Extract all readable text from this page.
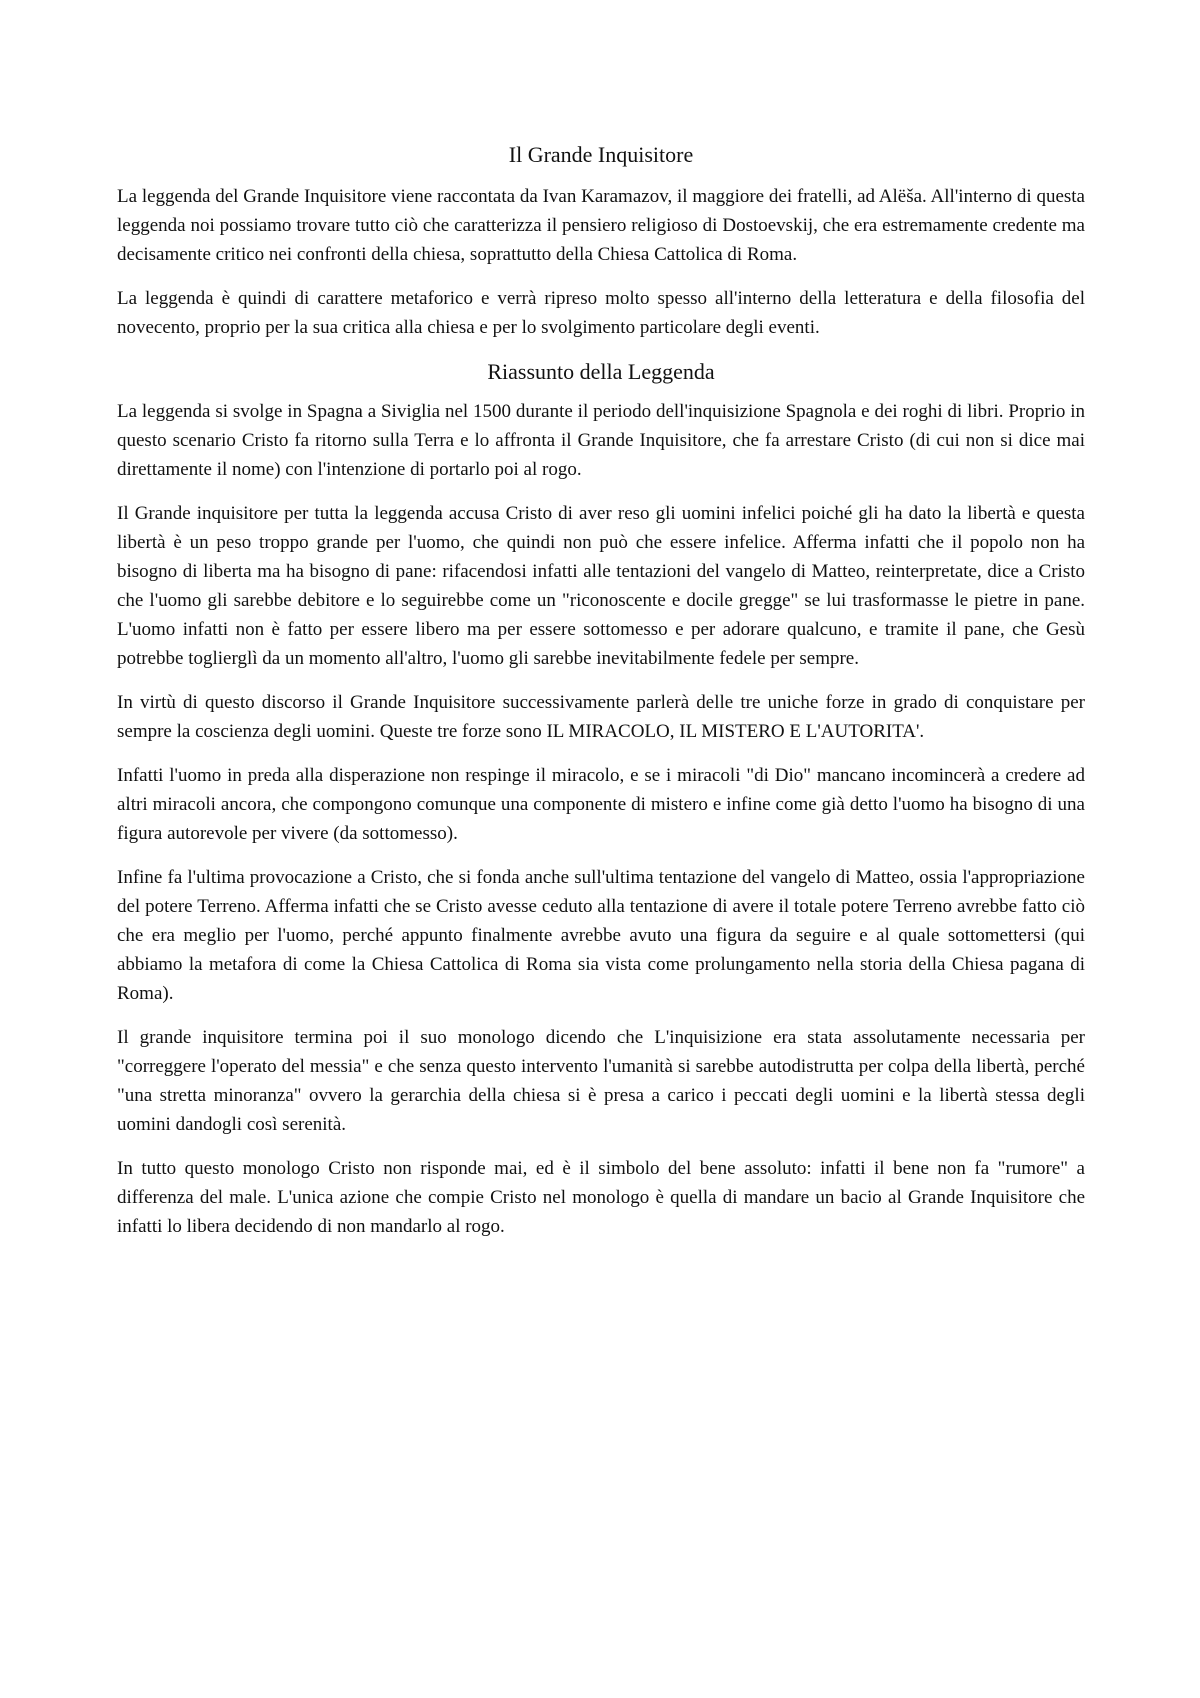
Il Grande Inquisitore

La leggenda del Grande Inquisitore viene raccontata da Ivan Karamazov, il maggiore dei fratelli, ad Alëša. All'interno di questa leggenda noi possiamo trovare tutto ciò che caratterizza il pensiero religioso di Dostoevskij, che era estremamente credente ma decisamente critico nei confronti della chiesa, soprattutto della Chiesa Cattolica di Roma.

La leggenda è quindi di carattere metaforico e verrà ripreso molto spesso all'interno della letteratura e della filosofia del novecento, proprio per la sua critica alla chiesa e per lo svolgimento particolare degli eventi.

Riassunto della Leggenda

La leggenda si svolge in Spagna a Siviglia nel 1500 durante il periodo dell'inquisizione Spagnola e dei roghi di libri. Proprio in questo scenario Cristo fa ritorno sulla Terra e lo affronta il Grande Inquisitore, che fa arrestare Cristo (di cui non si dice mai direttamente il nome) con l'intenzione di portarlo poi al rogo.

Il Grande inquisitore per tutta la leggenda accusa Cristo di aver reso gli uomini infelici poiché gli ha dato la libertà e questa libertà è un peso troppo grande per l'uomo, che quindi non può che essere infelice. Afferma infatti che il popolo non ha bisogno di liberta ma ha bisogno di pane: rifacendosi infatti alle tentazioni del vangelo di Matteo, reinterpretate, dice a Cristo che l'uomo gli sarebbe debitore e lo seguirebbe come un "riconoscente e docile gregge" se lui trasformasse le pietre in pane. L'uomo infatti non è fatto per essere libero ma per essere sottomesso e per adorare qualcuno, e tramite il pane, che Gesù potrebbe toglierglì da un momento all'altro, l'uomo gli sarebbe inevitabilmente fedele per sempre.

In virtù di questo discorso il Grande Inquisitore successivamente parlerà delle tre uniche forze in grado di conquistare per sempre la coscienza degli uomini. Queste tre forze sono IL MIRACOLO, IL MISTERO E L'AUTORITA'.

Infatti l'uomo in preda alla disperazione non respinge il miracolo, e se i miracoli "di Dio" mancano incomincerà a credere ad altri miracoli ancora, che compongono comunque una componente di mistero e infine come già detto l'uomo ha bisogno di una figura autorevole per vivere (da sottomesso).

Infine fa l'ultima provocazione a Cristo, che si fonda anche sull'ultima tentazione del vangelo di Matteo, ossia l'appropriazione del potere Terreno. Afferma infatti che se Cristo avesse ceduto alla tentazione di avere il totale potere Terreno avrebbe fatto ciò che era meglio per l'uomo, perché appunto finalmente avrebbe avuto una figura da seguire e al quale sottomettersi (qui abbiamo la metafora di come la Chiesa Cattolica di Roma sia vista come prolungamento nella storia della Chiesa pagana di Roma).

Il grande inquisitore termina poi il suo monologo dicendo che L'inquisizione era stata assolutamente necessaria per "correggere l'operato del messia" e che senza questo intervento l'umanità si sarebbe autodistrutta per colpa della libertà, perché "una stretta minoranza" ovvero la gerarchia della chiesa si è presa a carico i peccati degli uomini e la libertà stessa degli uomini dandogli così serenità.

In tutto questo monologo Cristo non risponde mai, ed è il simbolo del bene assoluto: infatti il bene non fa "rumore" a differenza del male. L'unica azione che compie Cristo nel monologo è quella di mandare un bacio al Grande Inquisitore che infatti lo libera decidendo di non mandarlo al rogo.
